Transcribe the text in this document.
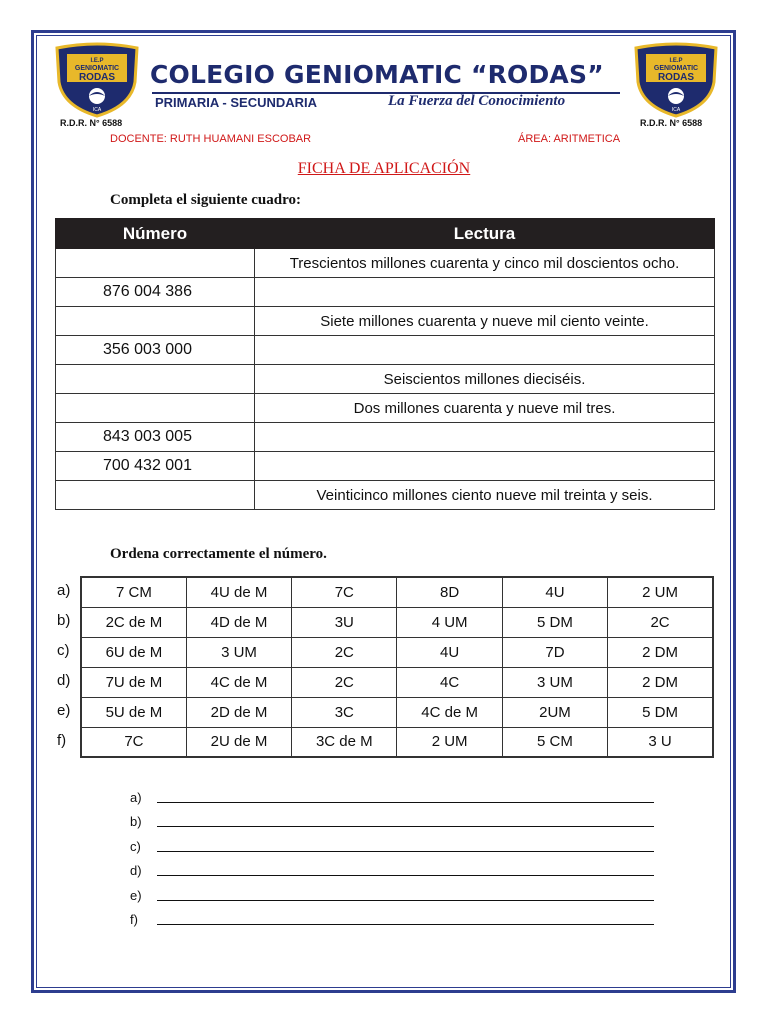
I.E.P
GENIOMATIC
RODAS
ICA
R.D.R. N° 6588
I.E.P
GENIOMATIC
RODAS
ICA
R.D.R. N° 6588
COLEGIO GENIOMATIC “RODAS”
PRIMARIA - SECUNDARIA	La Fuerza del Conocimiento
DOCENTE: RUTH HUAMANI ESCOBAR	ÁREA: ARITMETICA
FICHA DE APLICACIÓN
Completa el siguiente cuadro:
Número	Lectura
	Trescientos millones cuarenta y cinco mil doscientos ocho.
876 004 386	
	Siete millones cuarenta y nueve mil ciento veinte.
356 003 000	
	Seiscientos millones dieciséis.
	Dos millones cuarenta y nueve mil tres.
843 003 005	
700 432 001	
	Veinticinco millones ciento nueve mil treinta y seis.
Ordena correctamente el número.
a)
b)
c)
d)
e)
f)
7 CM	4U de M	7C	8D	4U	2 UM
2C de M	4D de M	3U	4 UM	5 DM	2C
6U de M	3 UM	2C	4U	7D	2 DM
7U de M	4C de M	2C	4C	3 UM	2 DM
5U de M	2D de M	3C	4C de M	2UM	5 DM
7C	2U de M	3C de M	2 UM	5 CM	3 U
a)
b)
c)
d)
e)
f)
